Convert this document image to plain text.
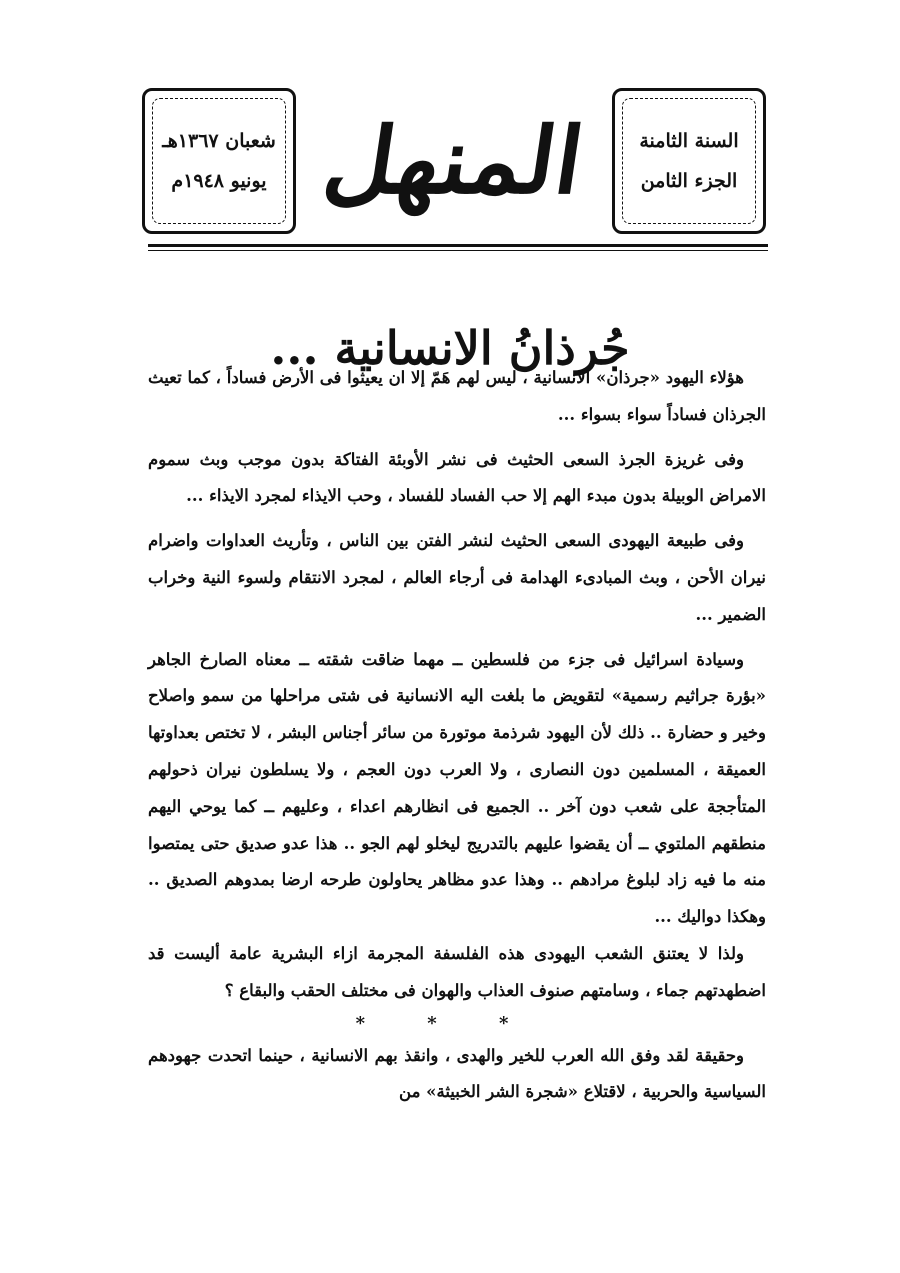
السنة الثامنة
الجزء الثامن
المنهل
شعبان ١٣٦٧هـ
يونيو ١٩٤٨م
جُرذانُ الانسانية ...

هؤلاء اليهود «جرذان» الانسانية ، ليس لهم هَمّ إلا ان يعيثوا فى الأرض فساداً ، كما تعيث الجرذان فساداً سواء بسواء ...

وفى غريزة الجرذ السعى الحثيث فى نشر الأوبئة الفتاكة بدون موجب وبث سموم الامراض الوبيلة بدون مبدء الهم إلا حب الفساد للفساد ، وحب الايذاء لمجرد الايذاء ...

وفى طبيعة اليهودى السعى الحثيث لنشر الفتن بين الناس ، وتأريث العداوات واضرام نيران الأحن ، وبث المبادىء الهدامة فى أرجاء العالم ، لمجرد الانتقام ولسوء النية وخراب الضمير ...

وسيادة اسرائيل فى جزء من فلسطين ــ مهما ضاقت شقته ــ معناه الصارخ الجاهر «بؤرة جراثيم رسمية» لتقويض ما بلغت اليه الانسانية فى شتى مراحلها من سمو واصلاح وخير و حضارة .. ذلك لأن اليهود شرذمة موتورة من سائر أجناس البشر ، لا تختص بعداوتها العميقة ، المسلمين دون النصارى ، ولا العرب دون العجم ، ولا يسلطون نيران ذحولهم المتأججة على شعب دون آخر .. الجميع فى انظارهم اعداء ، وعليهم ــ كما يوحي اليهم منطقهم الملتوي ــ أن يقضوا عليهم بالتدريج ليخلو لهم الجو .. هذا عدو صديق حتى يمتصوا منه ما فيه زاد لبلوغ مرادهم .. وهذا عدو مظاهر يحاولون طرحه ارضا بمدوهم الصديق .. وهكذا دواليك ...

ولذا لا يعتنق الشعب اليهودى هذه الفلسفة المجرمة ازاء البشرية عامة أليست قد اضطهدتهم جماء ، وسامتهم صنوف العذاب والهوان فى مختلف الحقب والبقاع ؟

* * *

وحقيقة لقد وفق الله العرب للخير والهدى ، وانقذ بهم الانسانية ، حينما اتحدت جهودهم السياسية والحربية ، لاقتلاع «شجرة الشر الخبيثة» من
